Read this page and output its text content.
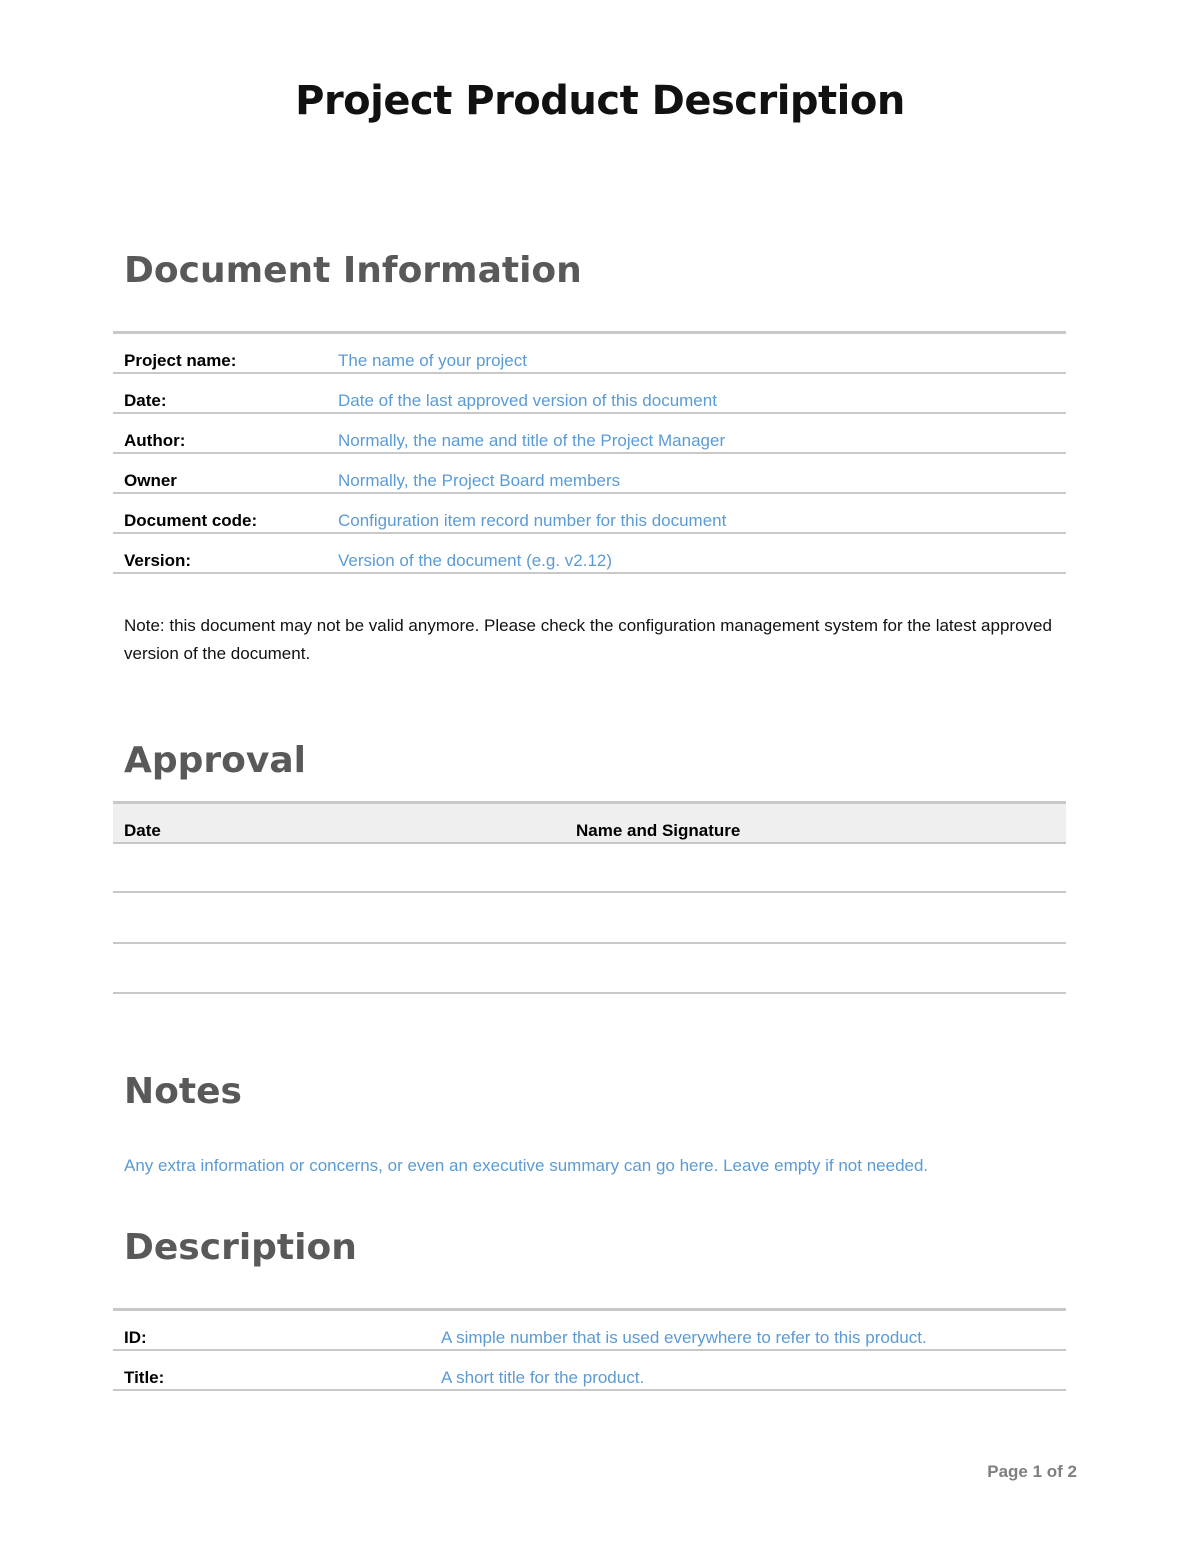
Project Product Description
Document Information
Project name:	The name of your project
Date:	Date of the last approved version of this document
Author:	Normally, the name and title of the Project Manager
Owner	Normally, the Project Board members
Document code:	Configuration item record number for this document
Version:	Version of the document (e.g. v2.12)
Note: this document may not be valid anymore. Please check the configuration management system for the latest approved version of the document.
Approval
Date	Name and Signature
Notes
Any extra information or concerns, or even an executive summary can go here. Leave empty if not needed.
Description
ID:	A simple number that is used everywhere to refer to this product.
Title:	A short title for the product.
Page 1 of 2
